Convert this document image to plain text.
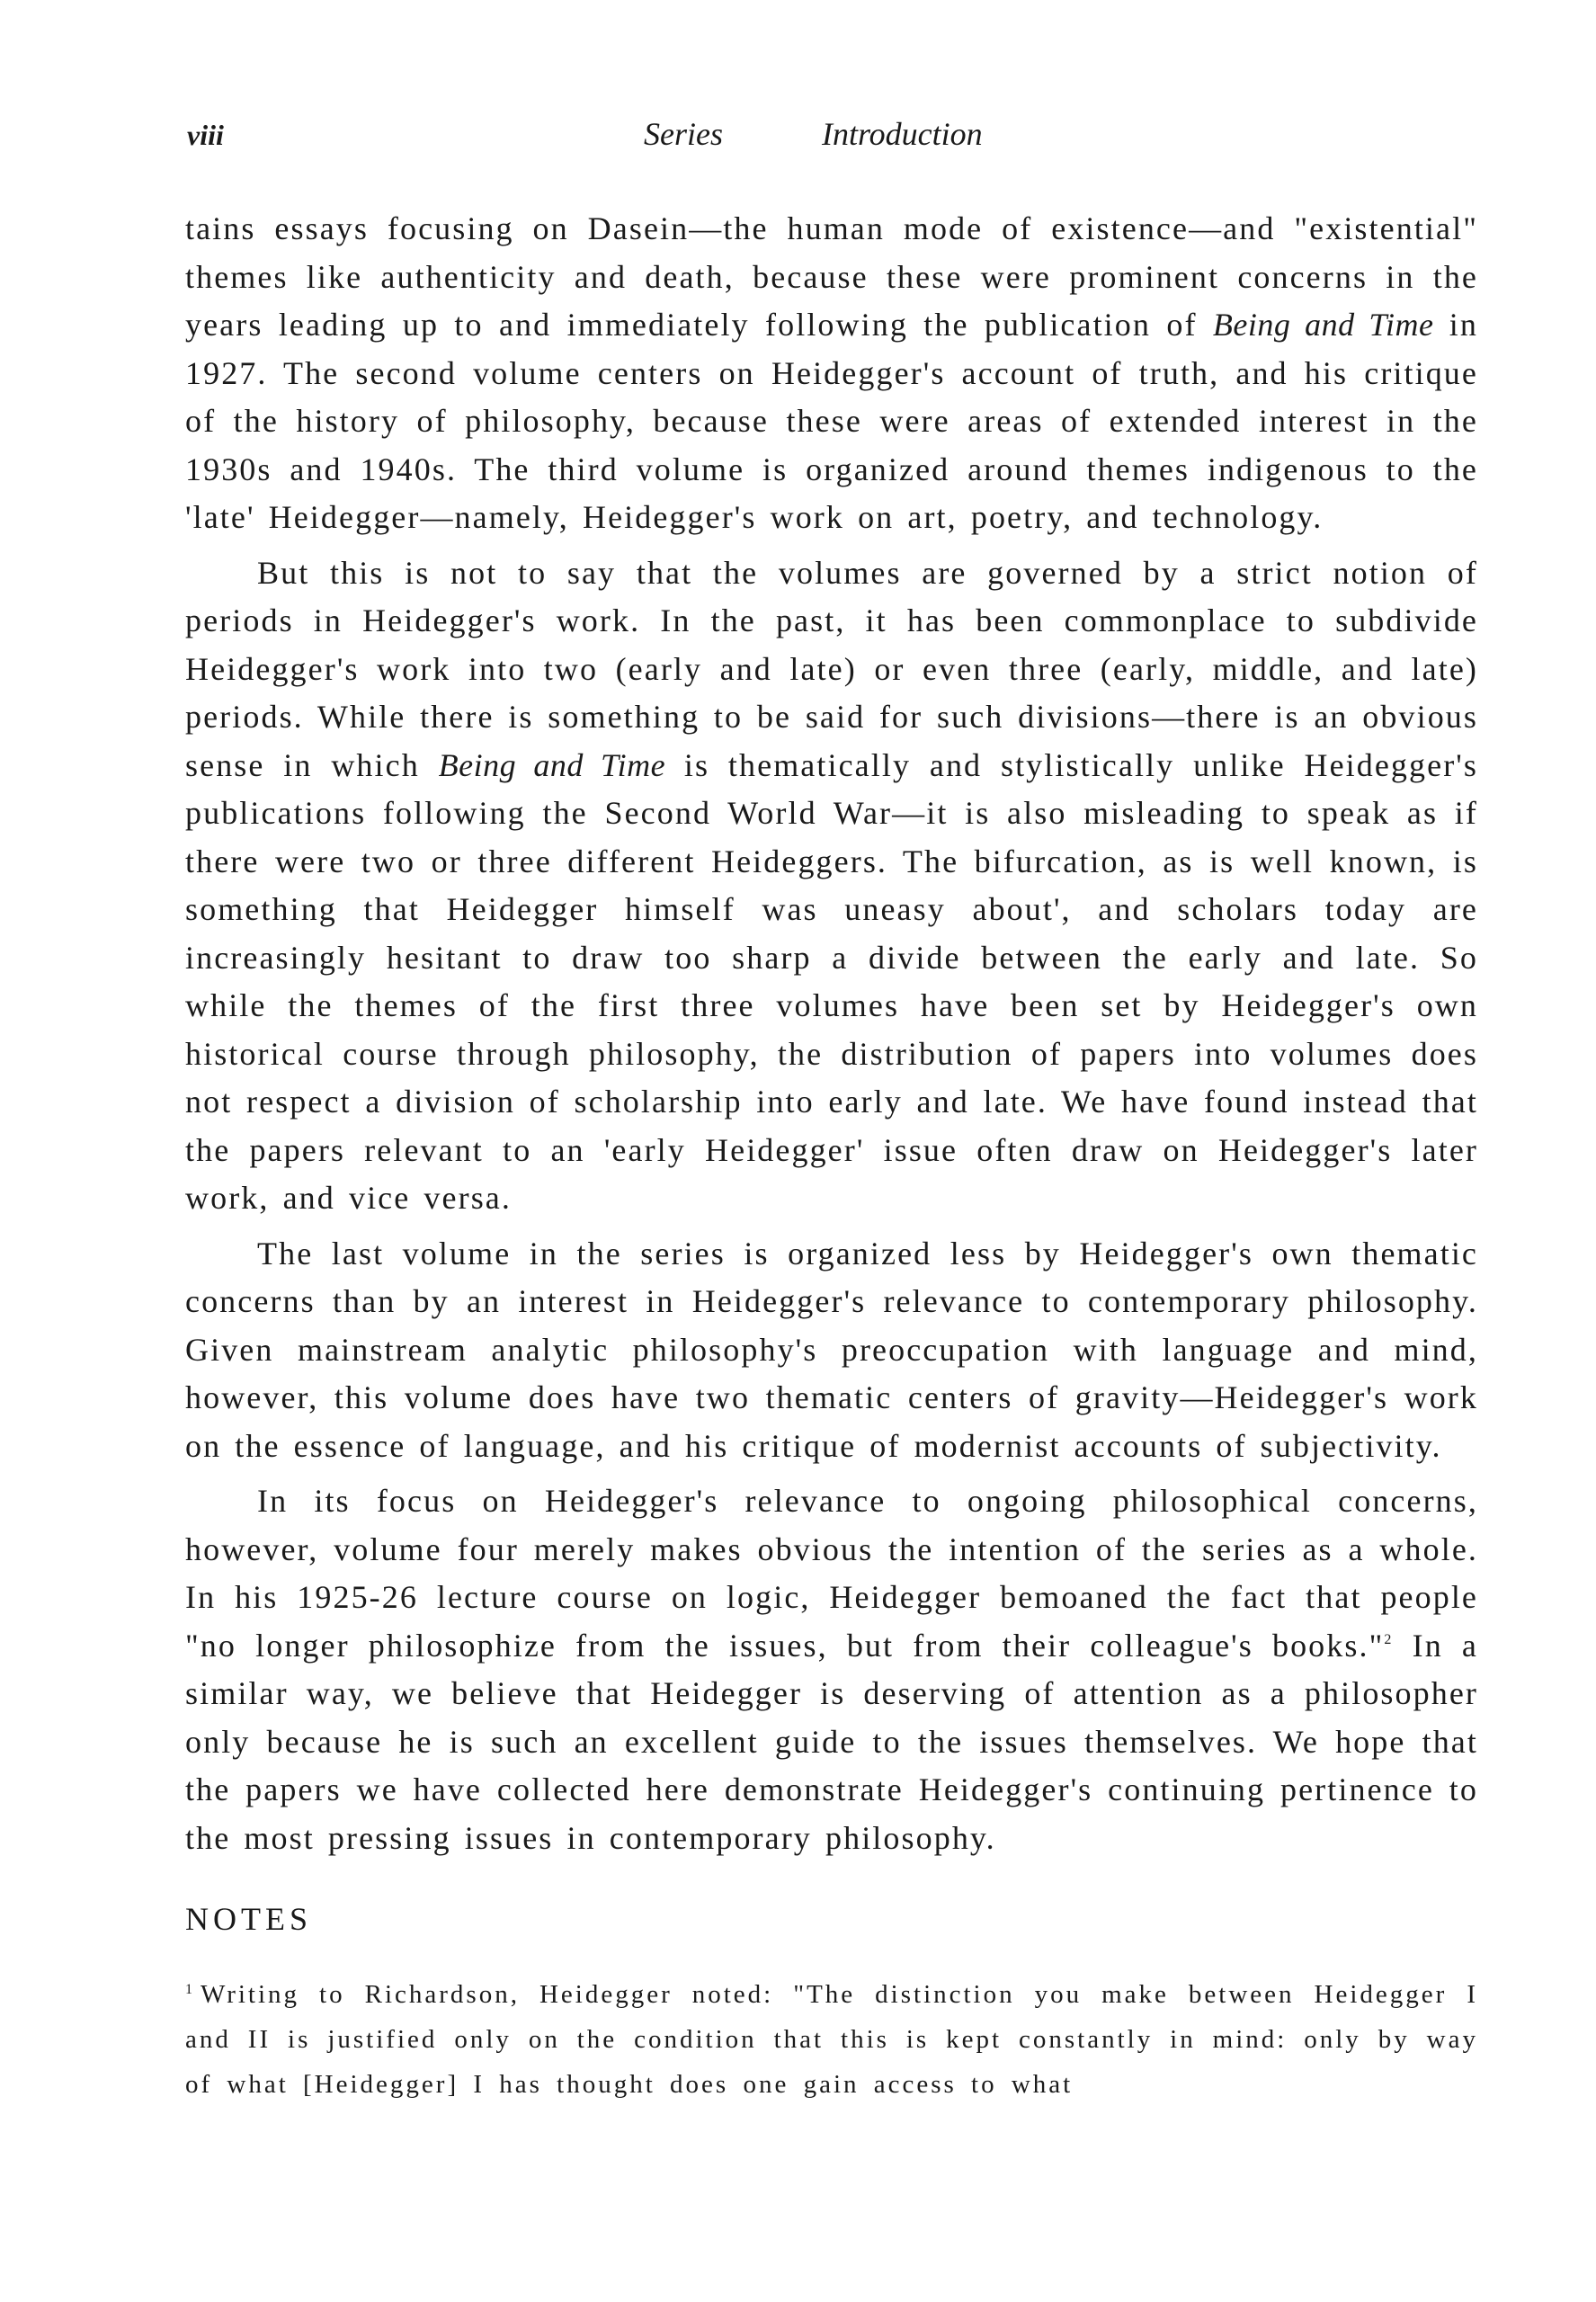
viii	Series	Introduction

tains essays focusing on Dasein—the human mode of existence—and "existential" themes like authenticity and death, because these were prominent concerns in the years leading up to and immediately following the publication of Being and Time in 1927. The second volume centers on Heidegger's account of truth, and his critique of the history of philosophy, because these were areas of extended interest in the 1930s and 1940s. The third volume is organized around themes indigenous to the 'late' Heidegger—namely, Heidegger's work on art, poetry, and technology.

But this is not to say that the volumes are governed by a strict notion of periods in Heidegger's work. In the past, it has been commonplace to subdivide Heidegger's work into two (early and late) or even three (early, middle, and late) periods. While there is something to be said for such divisions—there is an obvious sense in which Being and Time is thematically and stylistically unlike Heidegger's publications following the Second World War—it is also misleading to speak as if there were two or three different Heideggers. The bifurcation, as is well known, is something that Heidegger himself was uneasy about', and scholars today are increasingly hesitant to draw too sharp a divide between the early and late. So while the themes of the first three volumes have been set by Heidegger's own historical course through philosophy, the distribution of papers into volumes does not respect a division of scholarship into early and late. We have found instead that the papers relevant to an 'early Heidegger' issue often draw on Heidegger's later work, and vice versa.

The last volume in the series is organized less by Heidegger's own thematic concerns than by an interest in Heidegger's relevance to contemporary philosophy. Given mainstream analytic philosophy's preoccupation with language and mind, however, this volume does have two thematic centers of gravity—Heidegger's work on the essence of language, and his critique of modernist accounts of subjectivity.

In its focus on Heidegger's relevance to ongoing philosophical concerns, however, volume four merely makes obvious the intention of the series as a whole. In his 1925-26 lecture course on logic, Heidegger bemoaned the fact that people "no longer philosophize from the issues, but from their colleague's books."$^2$ In a similar way, we believe that Heidegger is deserving of attention as a philosopher only because he is such an excellent guide to the issues themselves. We hope that the papers we have collected here demonstrate Heidegger's continuing pertinence to the most pressing issues in contemporary philosophy.

NOTES

$^1$ Writing to Richardson, Heidegger noted: "The distinction you make between Heidegger I and II is justified only on the condition that this is kept constantly in mind: only by way of what [Heidegger] I has thought does one gain access to what
